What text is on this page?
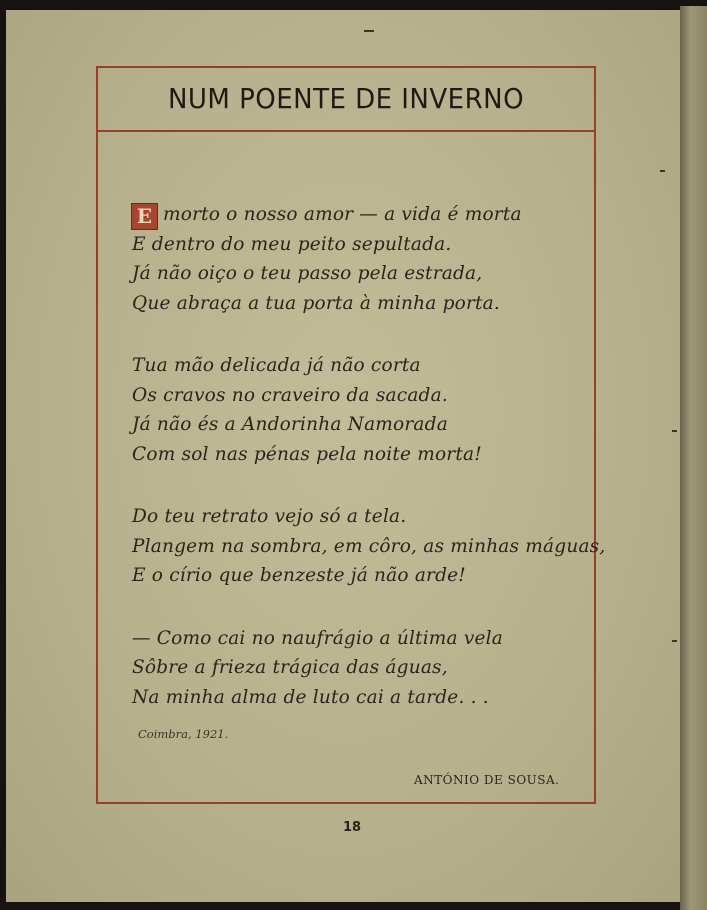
NUM POENTE DE INVERNO
E morto o nosso amor — a vida é morta
E dentro do meu peito sepultada.
Já não oiço o teu passo pela estrada,
Que abraça a tua porta à minha porta.
Tua mão delicada já não corta
Os cravos no craveiro da sacada.
Já não és a Andorinha Namorada
Com sol nas pénas pela noite morta!
Do teu retrato vejo só a tela.
Plangem na sombra, em côro, as minhas máguas,
E o círio que benzeste já não arde!
— Como cai no naufrágio a última vela
Sôbre a frieza trágica das águas,
Na minha alma de luto cai a tarde. . .
Coimbra, 1921.
ANTÓNIO DE SOUSA.
18
